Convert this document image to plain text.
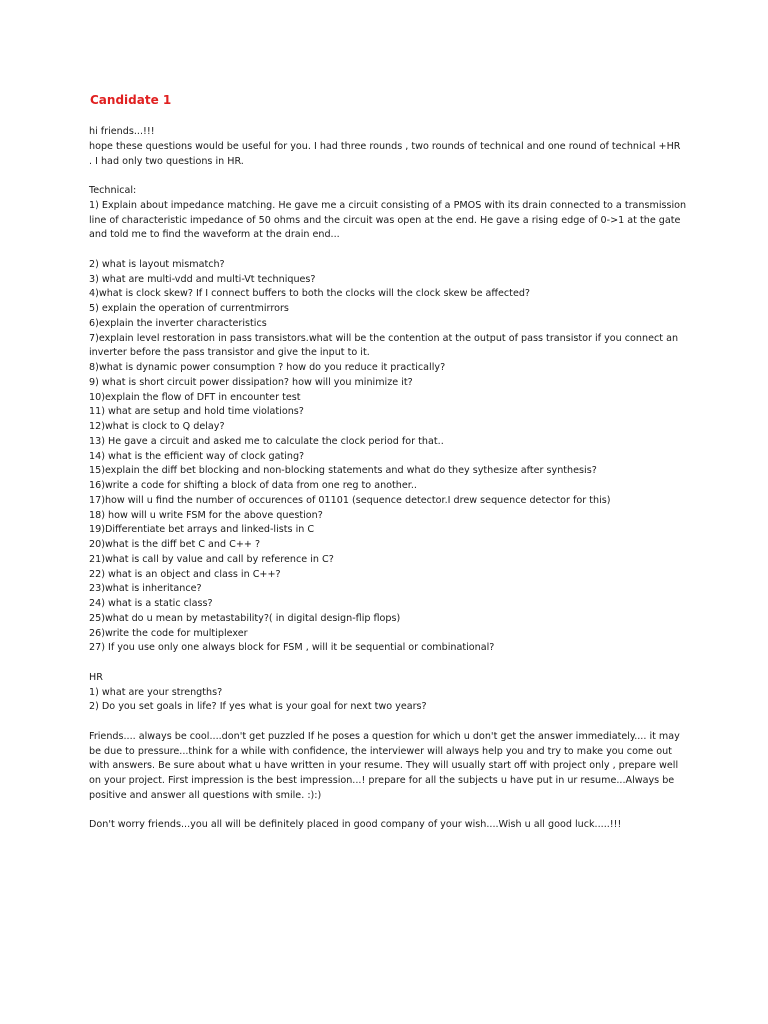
Candidate 1

hi friends...!!!

hope these questions would be useful for you. I had three rounds , two rounds of technical and one round of technical +HR

. I had only two questions in HR.

Technical:

1) Explain about impedance matching. He gave me a circuit consisting of a PMOS with its drain connected to a transmission

line of characteristic impedance of 50 ohms and the circuit was open at the end. He gave a rising edge of 0->1 at the gate

and told me to find the waveform at the drain end...

2) what is layout mismatch?

3) what are multi-vdd and multi-Vt techniques?

4)what is clock skew? If I connect buffers to both the clocks will the clock skew be affected?

5) explain the operation of currentmirrors

6)explain the inverter characteristics

7)explain level restoration in pass transistors.what will be the contention at the output of pass transistor if you connect an

inverter before the pass transistor and give the input to it.

8)what is dynamic power consumption ? how do you reduce it practically?

9) what is short circuit power dissipation? how will you minimize it?

10)explain the flow of DFT in encounter test

11) what are setup and hold time violations?

12)what is clock to Q delay?

13) He gave a circuit and asked me to calculate the clock period for that..

14) what is the efficient way of clock gating?

15)explain the diff bet blocking and non-blocking statements and what do they sythesize after synthesis?

16)write a code for shifting a block of data from one reg to another..

17)how will u find the number of occurences of 01101 (sequence detector.I drew sequence detector for this)

18) how will u write FSM for the above question?

19)Differentiate bet arrays and linked-lists in C

20)what is the diff bet C and C++ ?

21)what is call by value and call by reference in C?

22) what is an object and class in C++?

23)what is inheritance?

24) what is a static class?

25)what do u mean by metastability?( in digital design-flip flops)

26)write the code for multiplexer

27) If you use only one always block for FSM , will it be sequential or combinational?

HR

1) what are your strengths?

2) Do you set goals in life? If yes what is your goal for next two years?

Friends.... always be cool....don't get puzzled If he poses a question for which u don't get the answer immediately.... it may

be due to pressure...think for a while with confidence, the interviewer will always help you and try to make you come out

with answers. Be sure about what u have written in your resume. They will usually start off with project only , prepare well

on your project. First impression is the best impression...! prepare for all the subjects u have put in ur resume...Always be

positive and answer all questions with smile. :):)

Don't worry friends...you all will be definitely placed in good company of your wish....Wish u all good luck.....!!!
